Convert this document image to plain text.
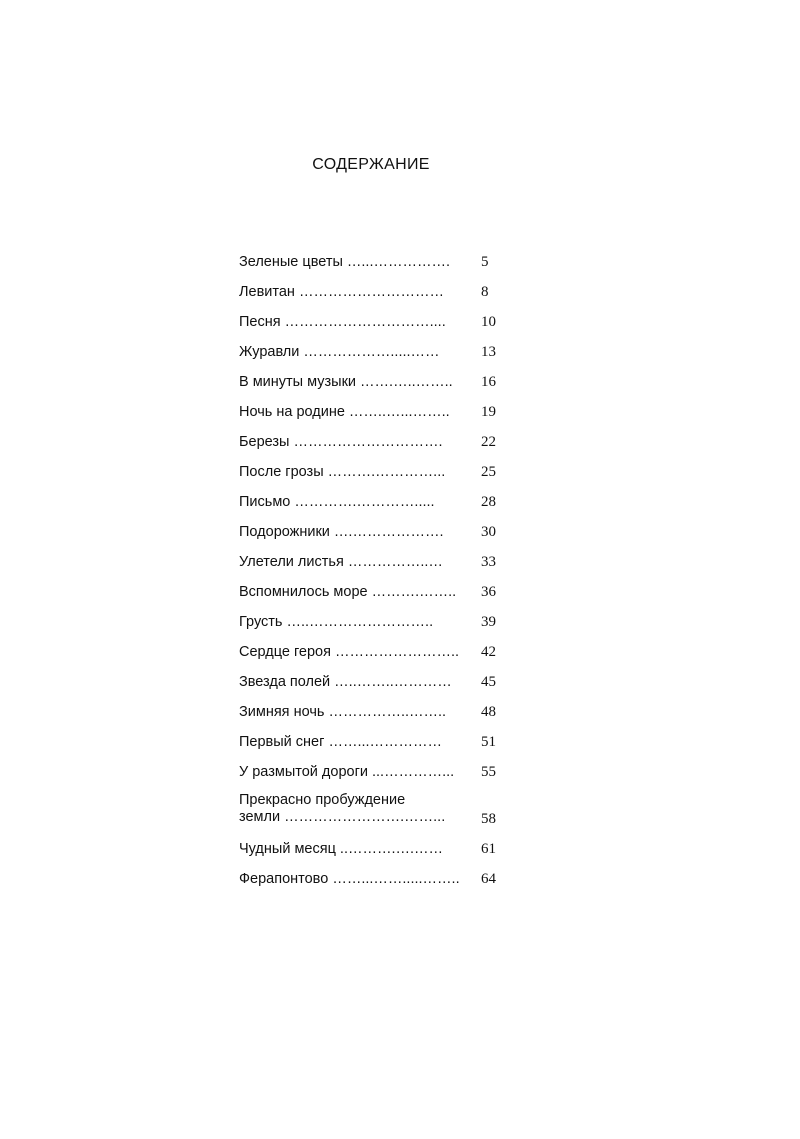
СОДЕРЖАНИЕ
Зеленые цветы …...…………….	5
Левитан …………………………	8
Песня …………………………....	10
Журавли ……………….....……	13
В минуты музыки …….…..……..	16
Ночь на родине ……..…...……..	19
Березы ………………………….	22
После грозы ……….…………...	25
Письмо ………….………….....	28
Подорожники ….……………….	30
Улетели листья ……………..…	33
Вспомнилось море ……….……..	36
Грусть …..……………………..	39
Сердце героя ……………………..	42
Звезда полей …..……..…………	45
Зимняя ночь ……………..……..	48
Первый снег ……...……………	51
У размытой дороги ...…………...	55
Прекрасно пробуждение
земли …………………….……...	58
Чудный месяц ..……….….……	61
Ферапонтово ……...…….....……..	64
